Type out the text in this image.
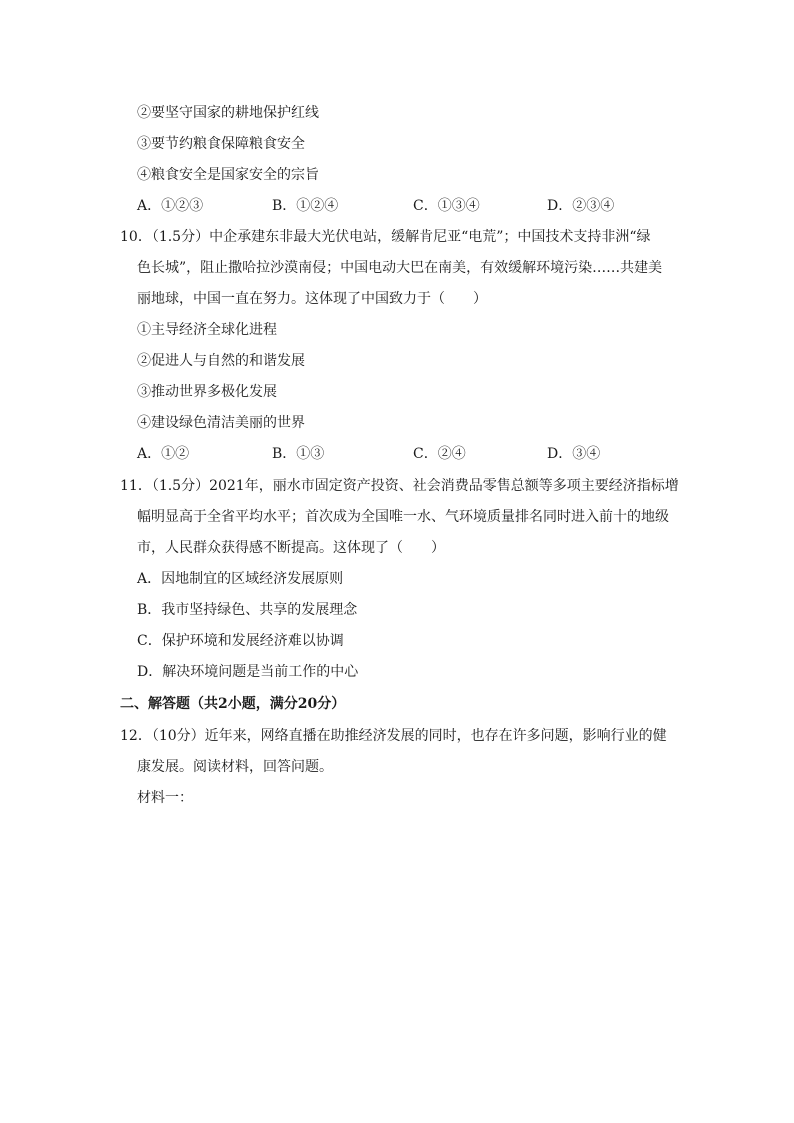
②要坚守国家的耕地保护红线
③要节约粮食保障粮食安全
④粮食安全是国家安全的宗旨
A．①②③	B．①②④	C．①③④	D．②③④
10．（1.5分）中企承建东非最大光伏电站，缓解肯尼亚“电荒”；中国技术支持非洲“绿
色长城”，阻止撒哈拉沙漠南侵；中国电动大巴在南美，有效缓解环境污染……共建美
丽地球，中国一直在努力。这体现了中国致力于（　　）
①主导经济全球化进程
②促进人与自然的和谐发展
③推动世界多极化发展
④建设绿色清洁美丽的世界
A．①②	B．①③	C．②④	D．③④
11．（1.5分）2021年，丽水市固定资产投资、社会消费品零售总额等多项主要经济指标增
幅明显高于全省平均水平；首次成为全国唯一水、气环境质量排名同时进入前十的地级
市，人民群众获得感不断提高。这体现了（　　）
A．因地制宜的区域经济发展原则
B．我市坚持绿色、共享的发展理念
C．保护环境和发展经济难以协调
D．解决环境问题是当前工作的中心
二、解答题（共2小题，满分20分）
12．（10分）近年来，网络直播在助推经济发展的同时，也存在许多问题，影响行业的健
康发展。阅读材料，回答问题。
材料一：
